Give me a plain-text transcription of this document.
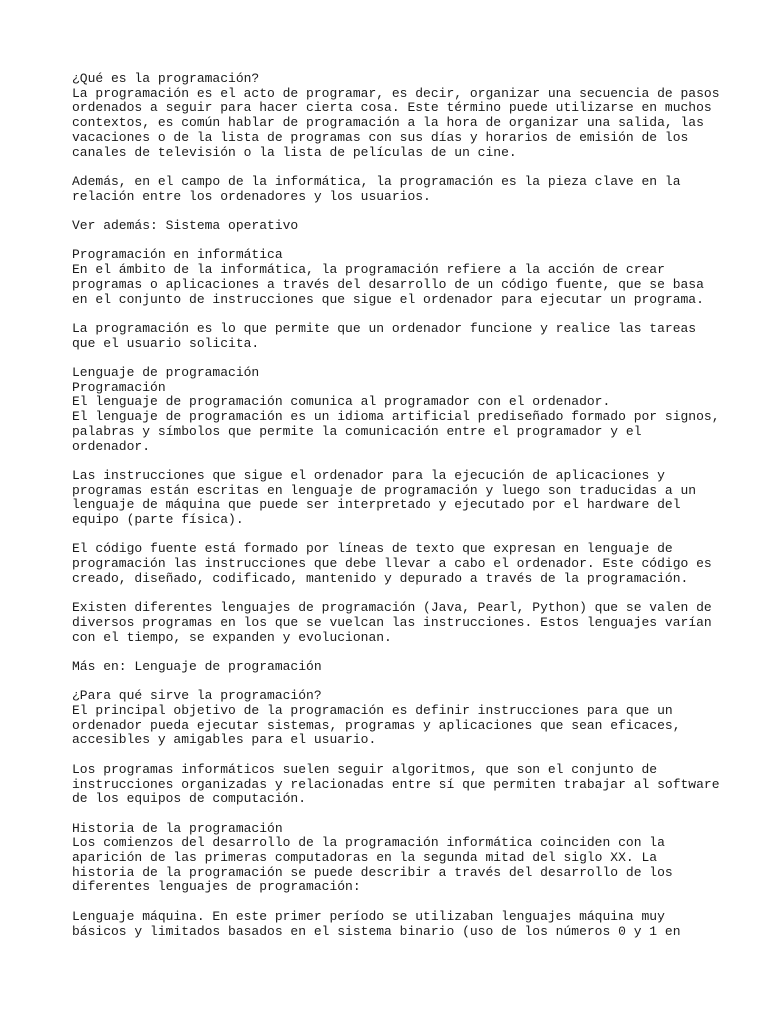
¿Qué es la programación?
La programación es el acto de programar, es decir, organizar una secuencia de pasos
ordenados a seguir para hacer cierta cosa. Este término puede utilizarse en muchos
contextos, es común hablar de programación a la hora de organizar una salida, las
vacaciones o de la lista de programas con sus días y horarios de emisión de los
canales de televisión o la lista de películas de un cine.
Además, en el campo de la informática, la programación es la pieza clave en la
relación entre los ordenadores y los usuarios.
Ver además: Sistema operativo
Programación en informática
En el ámbito de la informática, la programación refiere a la acción de crear
programas o aplicaciones a través del desarrollo de un código fuente, que se basa
en el conjunto de instrucciones que sigue el ordenador para ejecutar un programa.
La programación es lo que permite que un ordenador funcione y realice las tareas
que el usuario solicita.
Lenguaje de programación
Programación
El lenguaje de programación comunica al programador con el ordenador.
El lenguaje de programación es un idioma artificial prediseñado formado por signos,
palabras y símbolos que permite la comunicación entre el programador y el
ordenador.
Las instrucciones que sigue el ordenador para la ejecución de aplicaciones y
programas están escritas en lenguaje de programación y luego son traducidas a un
lenguaje de máquina que puede ser interpretado y ejecutado por el hardware del
equipo (parte física).
El código fuente está formado por líneas de texto que expresan en lenguaje de
programación las instrucciones que debe llevar a cabo el ordenador. Este código es
creado, diseñado, codificado, mantenido y depurado a través de la programación.
Existen diferentes lenguajes de programación (Java, Pearl, Python) que se valen de
diversos programas en los que se vuelcan las instrucciones. Estos lenguajes varían
con el tiempo, se expanden y evolucionan.
Más en: Lenguaje de programación
¿Para qué sirve la programación?
El principal objetivo de la programación es definir instrucciones para que un
ordenador pueda ejecutar sistemas, programas y aplicaciones que sean eficaces,
accesibles y amigables para el usuario.
Los programas informáticos suelen seguir algoritmos, que son el conjunto de
instrucciones organizadas y relacionadas entre sí que permiten trabajar al software
de los equipos de computación.
Historia de la programación
Los comienzos del desarrollo de la programación informática coinciden con la
aparición de las primeras computadoras en la segunda mitad del siglo XX. La
historia de la programación se puede describir a través del desarrollo de los
diferentes lenguajes de programación:
Lenguaje máquina. En este primer período se utilizaban lenguajes máquina muy
básicos y limitados basados en el sistema binario (uso de los números 0 y 1 en
